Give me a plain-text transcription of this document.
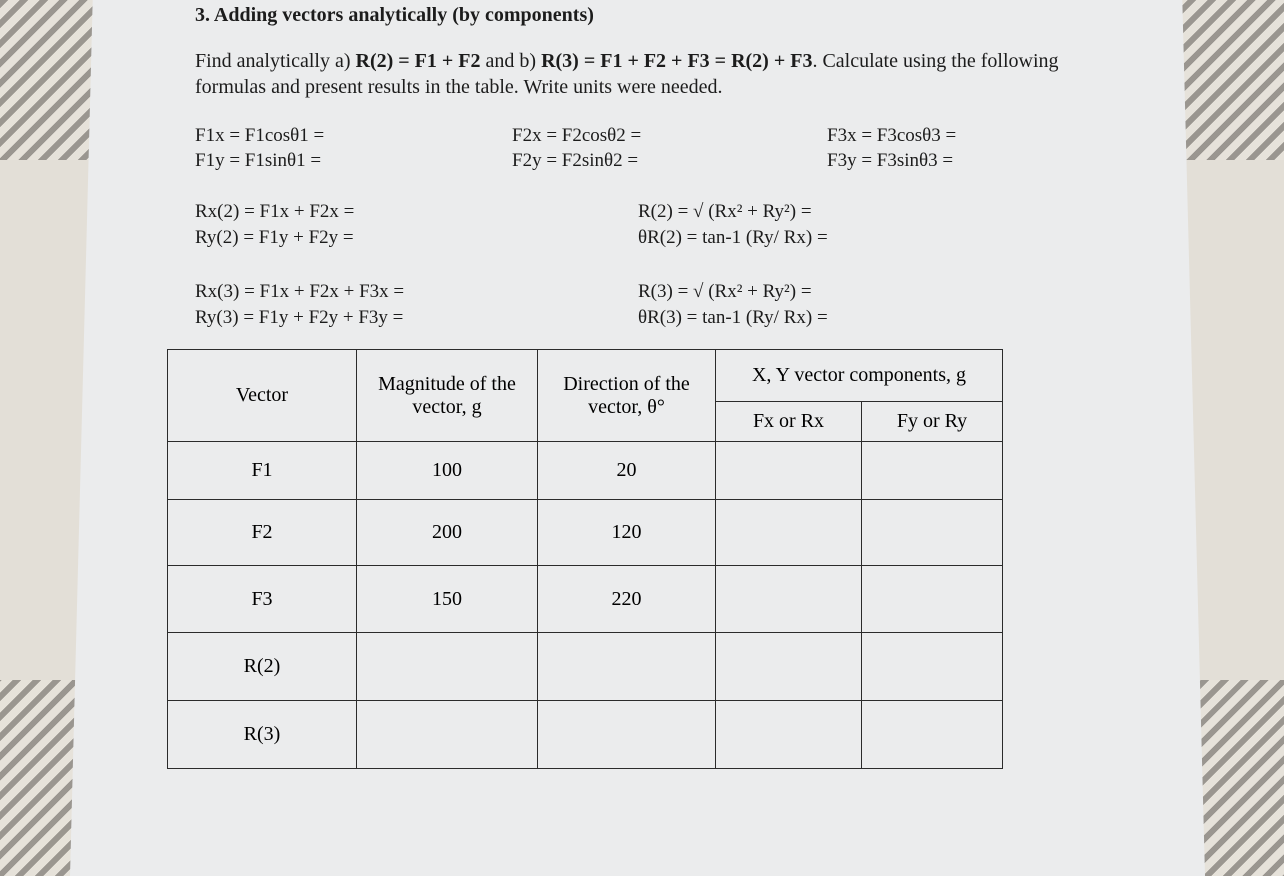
3. Adding vectors analytically (by components)
Find analytically a) R(2) = F1 + F2 and b) R(3) = F1 + F2 + F3 = R(2) + F3. Calculate using the following formulas and present results in the table. Write units were needed.
F1x = F1cosθ1 =
F1y = F1sinθ1 =
F2x = F2cosθ2 =
F2y = F2sinθ2 =
F3x = F3cosθ3 =
F3y = F3sinθ3 =
Rx(2) = F1x + F2x =
Ry(2) = F1y + F2y =
R(2) = √ (Rx² + Ry²) =
θR(2) = tan-1 (Ry/ Rx) =
Rx(3) = F1x + F2x + F3x =
Ry(3) = F1y + F2y + F3y =
R(3) = √ (Rx² + Ry²) =
θR(3) = tan-1 (Ry/ Rx) =
Vector	Magnitude of the vector, g	Direction of the vector, θ°	X, Y vector components, g	
			Fx or Rx	Fy or Ry
F1	100	20		
F2	200	120		
F3	150	220		
R(2)				
R(3)				
